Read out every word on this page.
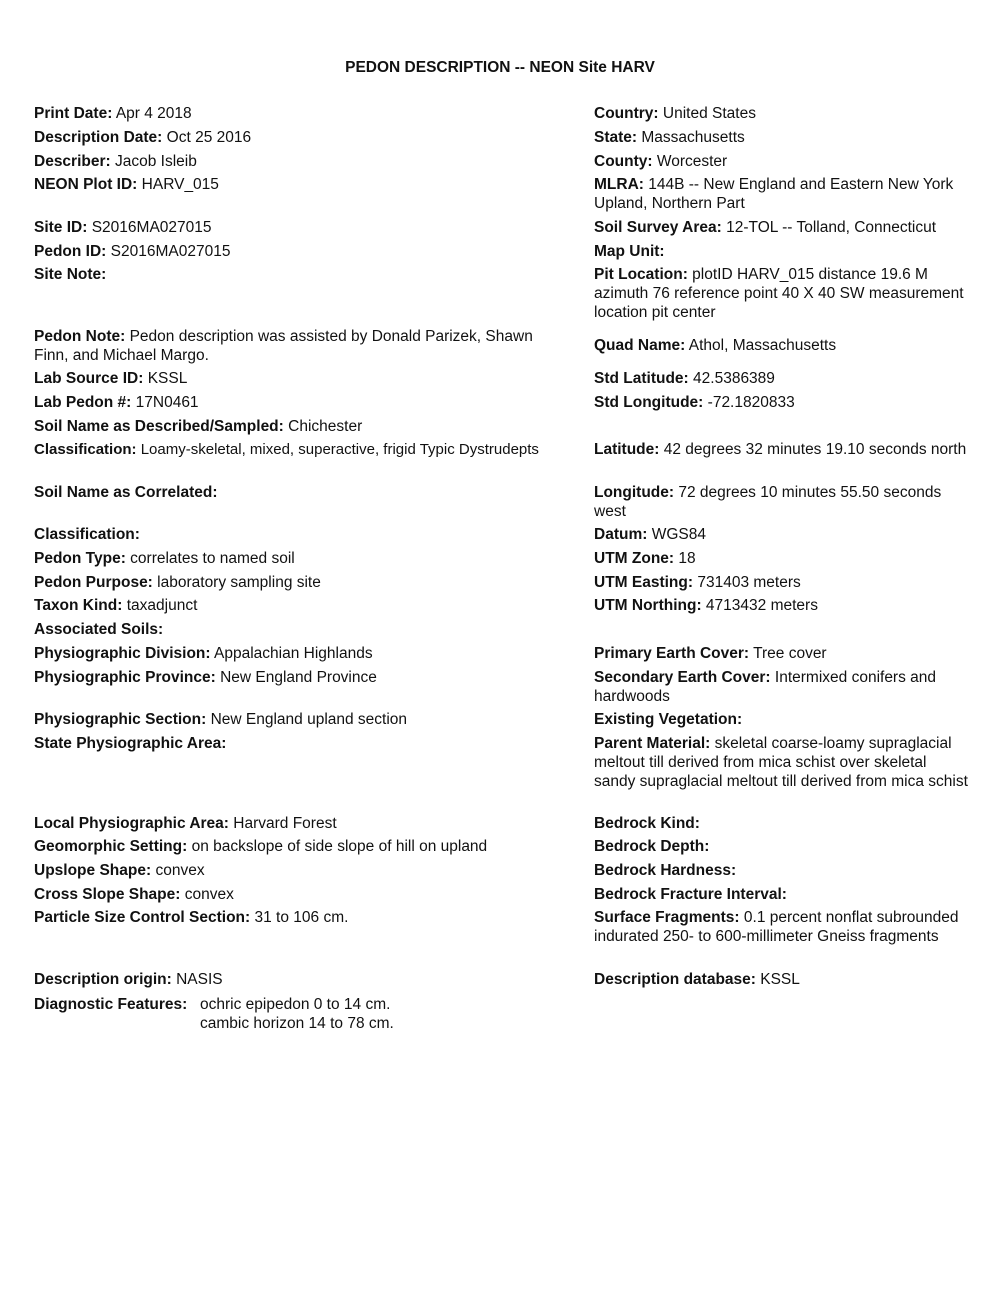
PEDON DESCRIPTION -- NEON Site HARV
Print Date: Apr 4 2018
Description Date: Oct 25 2016
Describer: Jacob Isleib
NEON Plot ID: HARV_015
Site ID: S2016MA027015
Pedon ID: S2016MA027015
Site Note:
Pedon Note: Pedon description was assisted by Donald Parizek, Shawn Finn, and Michael Margo.
Lab Source ID: KSSL
Lab Pedon #: 17N0461
Soil Name as Described/Sampled: Chichester
Classification: Loamy-skeletal, mixed, superactive, frigid Typic Dystrudepts
Soil Name as Correlated:
Classification:
Pedon Type: correlates to named soil
Pedon Purpose: laboratory sampling site
Taxon Kind: taxadjunct
Associated Soils:
Physiographic Division: Appalachian Highlands
Physiographic Province: New England Province
Physiographic Section: New England upland section
State Physiographic Area:
Local Physiographic Area: Harvard Forest
Geomorphic Setting: on backslope of side slope of hill on upland
Upslope Shape: convex
Cross Slope Shape: convex
Particle Size Control Section: 31 to 106 cm.
Description origin: NASIS
Country: United States
State: Massachusetts
County: Worcester
MLRA: 144B -- New England and Eastern New York Upland, Northern Part
Soil Survey Area: 12-TOL -- Tolland, Connecticut
Map Unit:
Pit Location: plotID HARV_015 distance 19.6 M azimuth 76 reference point 40 X 40 SW measurement location pit center
Quad Name: Athol, Massachusetts
Std Latitude: 42.5386389
Std Longitude: -72.1820833
Latitude: 42 degrees 32 minutes 19.10 seconds north
Longitude: 72 degrees 10 minutes 55.50 seconds west
Datum: WGS84
UTM Zone: 18
UTM Easting: 731403 meters
UTM Northing: 4713432 meters
Primary Earth Cover: Tree cover
Secondary Earth Cover: Intermixed conifers and hardwoods
Existing Vegetation:
Parent Material: skeletal coarse-loamy supraglacial meltout till derived from mica schist over skeletal sandy supraglacial meltout till derived from mica schist
Bedrock Kind:
Bedrock Depth:
Bedrock Hardness:
Bedrock Fracture Interval:
Surface Fragments: 0.1 percent nonflat subrounded indurated 250- to 600-millimeter Gneiss fragments
Description database: KSSL
Diagnostic Features: ochric epipedon 0 to 14 cm.
cambic horizon 14 to 78 cm.
